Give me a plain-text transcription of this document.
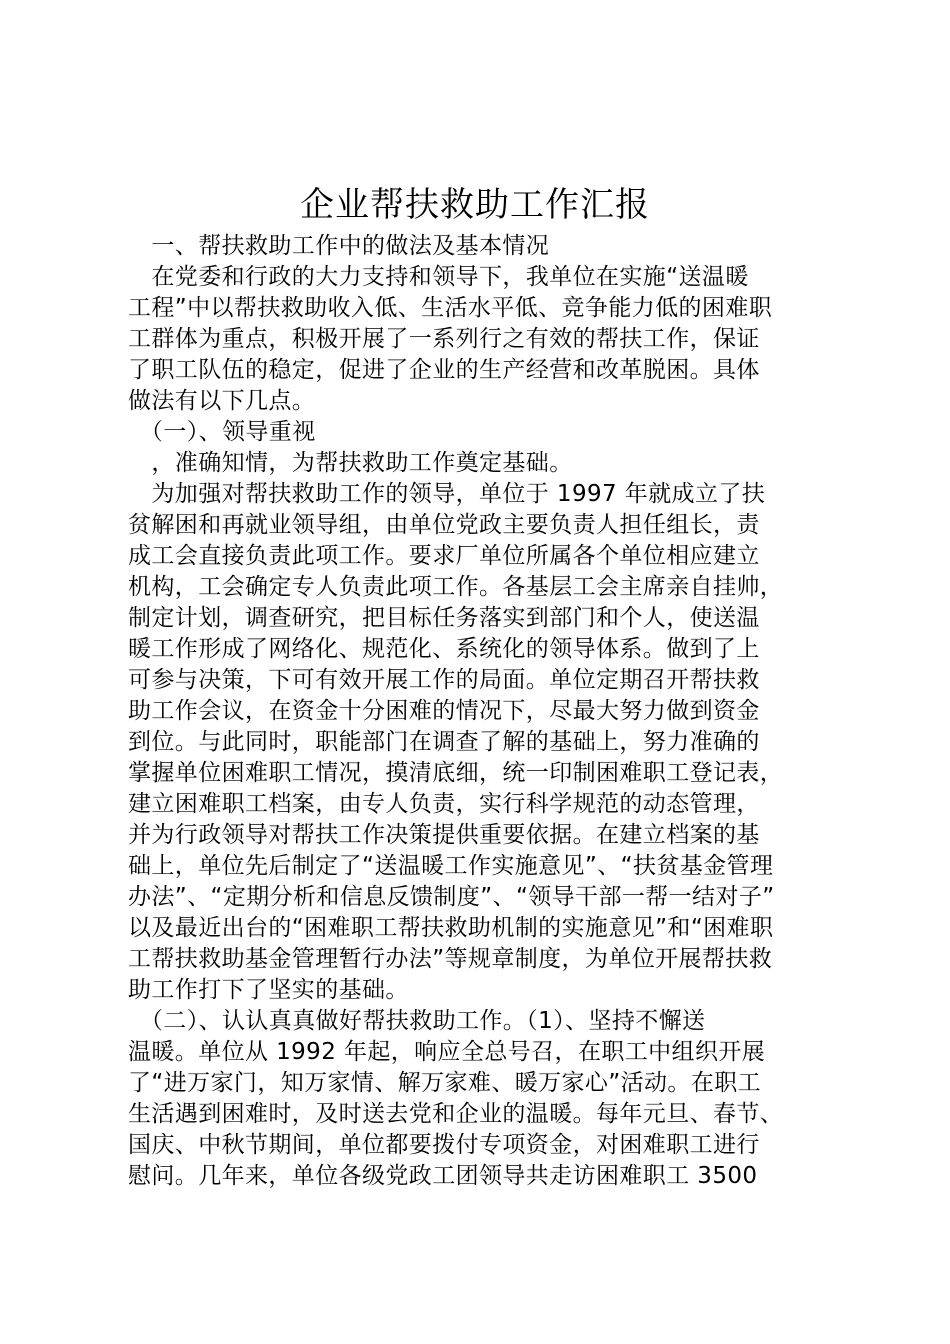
企业帮扶救助工作汇报
　一、帮扶救助工作中的做法及基本情况
　在党委和行政的大力支持和领导下，我单位在实施“送温暖
工程”中以帮扶救助收入低、生活水平低、竞争能力低的困难职
工群体为重点，积极开展了一系列行之有效的帮扶工作，保证
了职工队伍的稳定，促进了企业的生产经营和改革脱困。具体
做法有以下几点。
　（一）、领导重视
　，准确知情，为帮扶救助工作奠定基础。
　为加强对帮扶救助工作的领导，单位于 1997 年就成立了扶
贫解困和再就业领导组，由单位党政主要负责人担任组长，责
成工会直接负责此项工作。要求厂单位所属各个单位相应建立
机构，工会确定专人负责此项工作。各基层工会主席亲自挂帅，
制定计划，调查研究，把目标任务落实到部门和个人，使送温
暖工作形成了网络化、规范化、系统化的领导体系。做到了上
可参与决策，下可有效开展工作的局面。单位定期召开帮扶救
助工作会议，在资金十分困难的情况下，尽最大努力做到资金
到位。与此同时，职能部门在调查了解的基础上，努力准确的
掌握单位困难职工情况，摸清底细，统一印制困难职工登记表，
建立困难职工档案，由专人负责，实行科学规范的动态管理，
并为行政领导对帮扶工作决策提供重要依据。在建立档案的基
础上，单位先后制定了“送温暖工作实施意见”、“扶贫基金管理
办法”、“定期分析和信息反馈制度”、“领导干部一帮一结对子”
以及最近出台的“困难职工帮扶救助机制的实施意见”和“困难职
工帮扶救助基金管理暂行办法”等规章制度，为单位开展帮扶救
助工作打下了坚实的基础。
　（二）、认认真真做好帮扶救助工作。（1）、坚持不懈送
温暖。单位从 1992 年起，响应全总号召，在职工中组织开展
了“进万家门，知万家情、解万家难、暖万家心”活动。在职工
生活遇到困难时，及时送去党和企业的温暖。每年元旦、春节、
国庆、中秋节期间，单位都要拨付专项资金，对困难职工进行
慰问。几年来，单位各级党政工团领导共走访困难职工 3500
